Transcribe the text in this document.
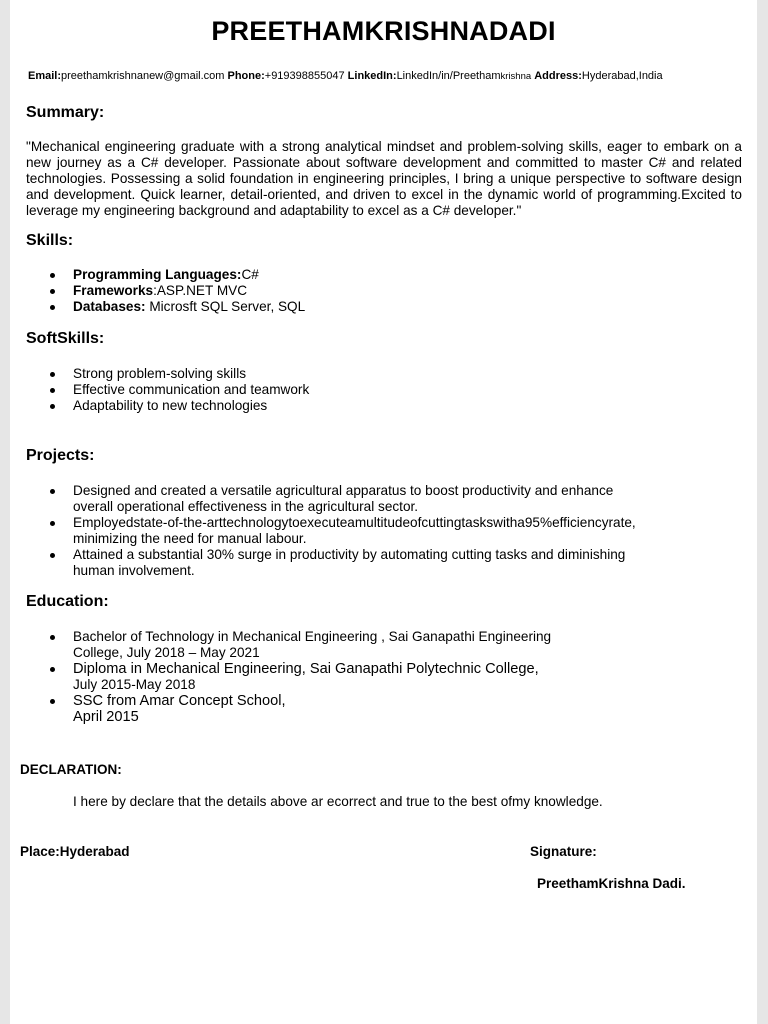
PREETHAMKRISHNADADI
Email:preethamkrishnanew@gmail.com Phone:+919398855047 LinkedIn:LinkedIn/in/Preethamkrishna Address:Hyderabad,India
Summary:

"Mechanical engineering graduate with a strong analytical mindset and problem-solving skills, eager to embark on a new journey as a C# developer. Passionate about software development and committed to master C# and related technologies. Possessing a solid foundation in engineering principles, I bring a unique perspective to software design and development. Quick learner, detail-oriented, and driven to excel in the dynamic world of programming.Excited to leverage my engineering background and adaptability to excel as a C# developer."

Skills:
Programming Languages:C#
Frameworks:ASP.NET MVC
Databases: Microsft SQL Server, SQL
SoftSkills:
Strong problem-solving skills
Effective communication and teamwork
Adaptability to new technologies
Projects:
Designed and created a versatile agricultural apparatus to boost productivity and enhance
overall operational effectiveness in the agricultural sector.
Employedstate-of-the-arttechnologytoexecuteamultitudeofcuttingtaskswitha95%efficiencyrate,
minimizing the need for manual labour.
Attained a substantial 30% surge in productivity by automating cutting tasks and diminishing
human involvement.
Education:
Bachelor of Technology in Mechanical Engineering , Sai Ganapathi Engineering
College, July 2018 – May 2021
Diploma in Mechanical Engineering, Sai Ganapathi Polytechnic College,
July 2015-May 2018
SSC from Amar Concept School,
April 2015
DECLARATION:
I here by declare that the details above ar ecorrect and true to the best ofmy knowledge.
Place:Hyderabad	Signature:
PreethamKrishna Dadi.
